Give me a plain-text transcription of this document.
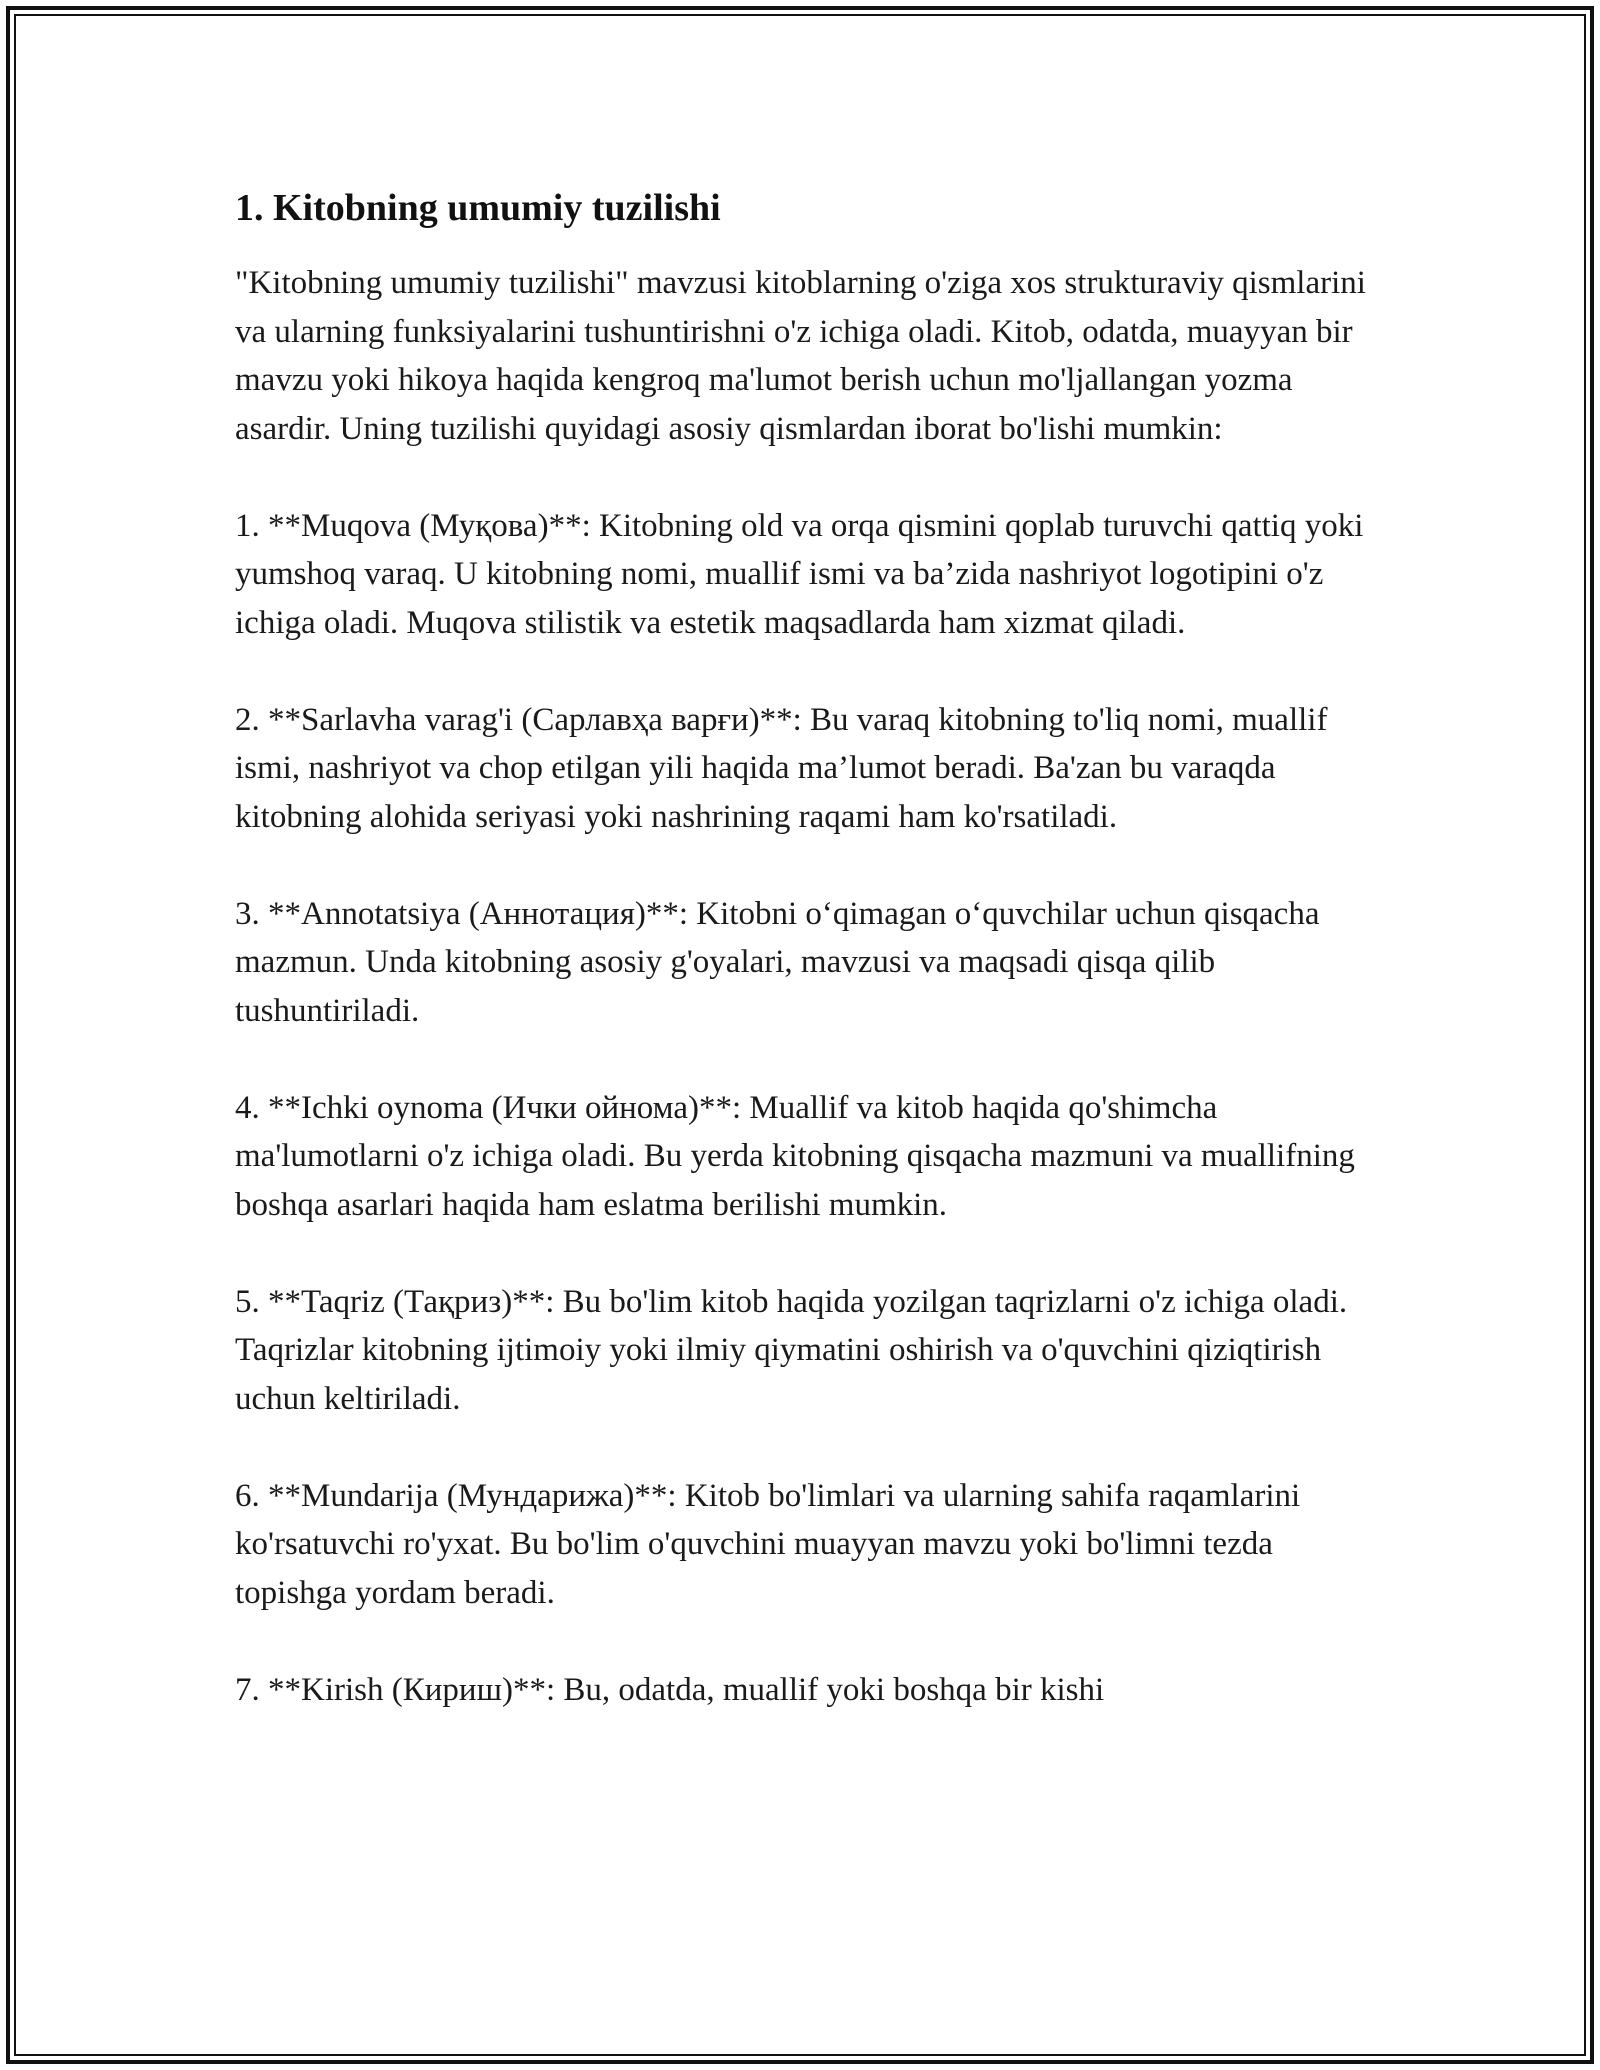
1. Kitobning umumiy tuzilishi

"Kitobning umumiy tuzilishi" mavzusi kitoblarning o'ziga xos strukturaviy qismlarini va ularning funksiyalarini tushuntirishni o'z ichiga oladi. Kitob, odatda, muayyan bir mavzu yoki hikoya haqida kengroq ma'lumot berish uchun mo'ljallangan yozma asardir. Uning tuzilishi quyidagi asosiy qismlardan iborat bo'lishi mumkin:

1. **Muqova (Муқова)**: Kitobning old va orqa qismini qoplab turuvchi qattiq yoki yumshoq varaq. U kitobning nomi, muallif ismi va ba’zida nashriyot logotipini o'z ichiga oladi. Muqova stilistik va estetik maqsadlarda ham xizmat qiladi.

2. **Sarlavha varag'i (Сарлавҳа варғи)**: Bu varaq kitobning to'liq nomi, muallif ismi, nashriyot va chop etilgan yili haqida ma’lumot beradi. Ba'zan bu varaqda kitobning alohida seriyasi yoki nashrining raqami ham ko'rsatiladi.

3. **Annotatsiya (Аннотация)**: Kitobni o‘qimagan o‘quvchilar uchun qisqacha mazmun. Unda kitobning asosiy g'oyalari, mavzusi va maqsadi qisqa qilib tushuntiriladi.

4. **Ichki oynoma (Ички ойнома)**: Muallif va kitob haqida qo'shimcha ma'lumotlarni o'z ichiga oladi. Bu yerda kitobning qisqacha mazmuni va muallifning boshqa asarlari haqida ham eslatma berilishi mumkin.

5. **Taqriz (Тақриз)**: Bu bo'lim kitob haqida yozilgan taqrizlarni o'z ichiga oladi. Taqrizlar kitobning ijtimoiy yoki ilmiy qiymatini oshirish va o'quvchini qiziqtirish uchun keltiriladi.

6. **Mundarija (Мундарижа)**: Kitob bo'limlari va ularning sahifa raqamlarini ko'rsatuvchi ro'yxat. Bu bo'lim o'quvchini muayyan mavzu yoki bo'limni tezda topishga yordam beradi.

7. **Kirish (Кириш)**: Bu, odatda, muallif yoki boshqa bir kishi
